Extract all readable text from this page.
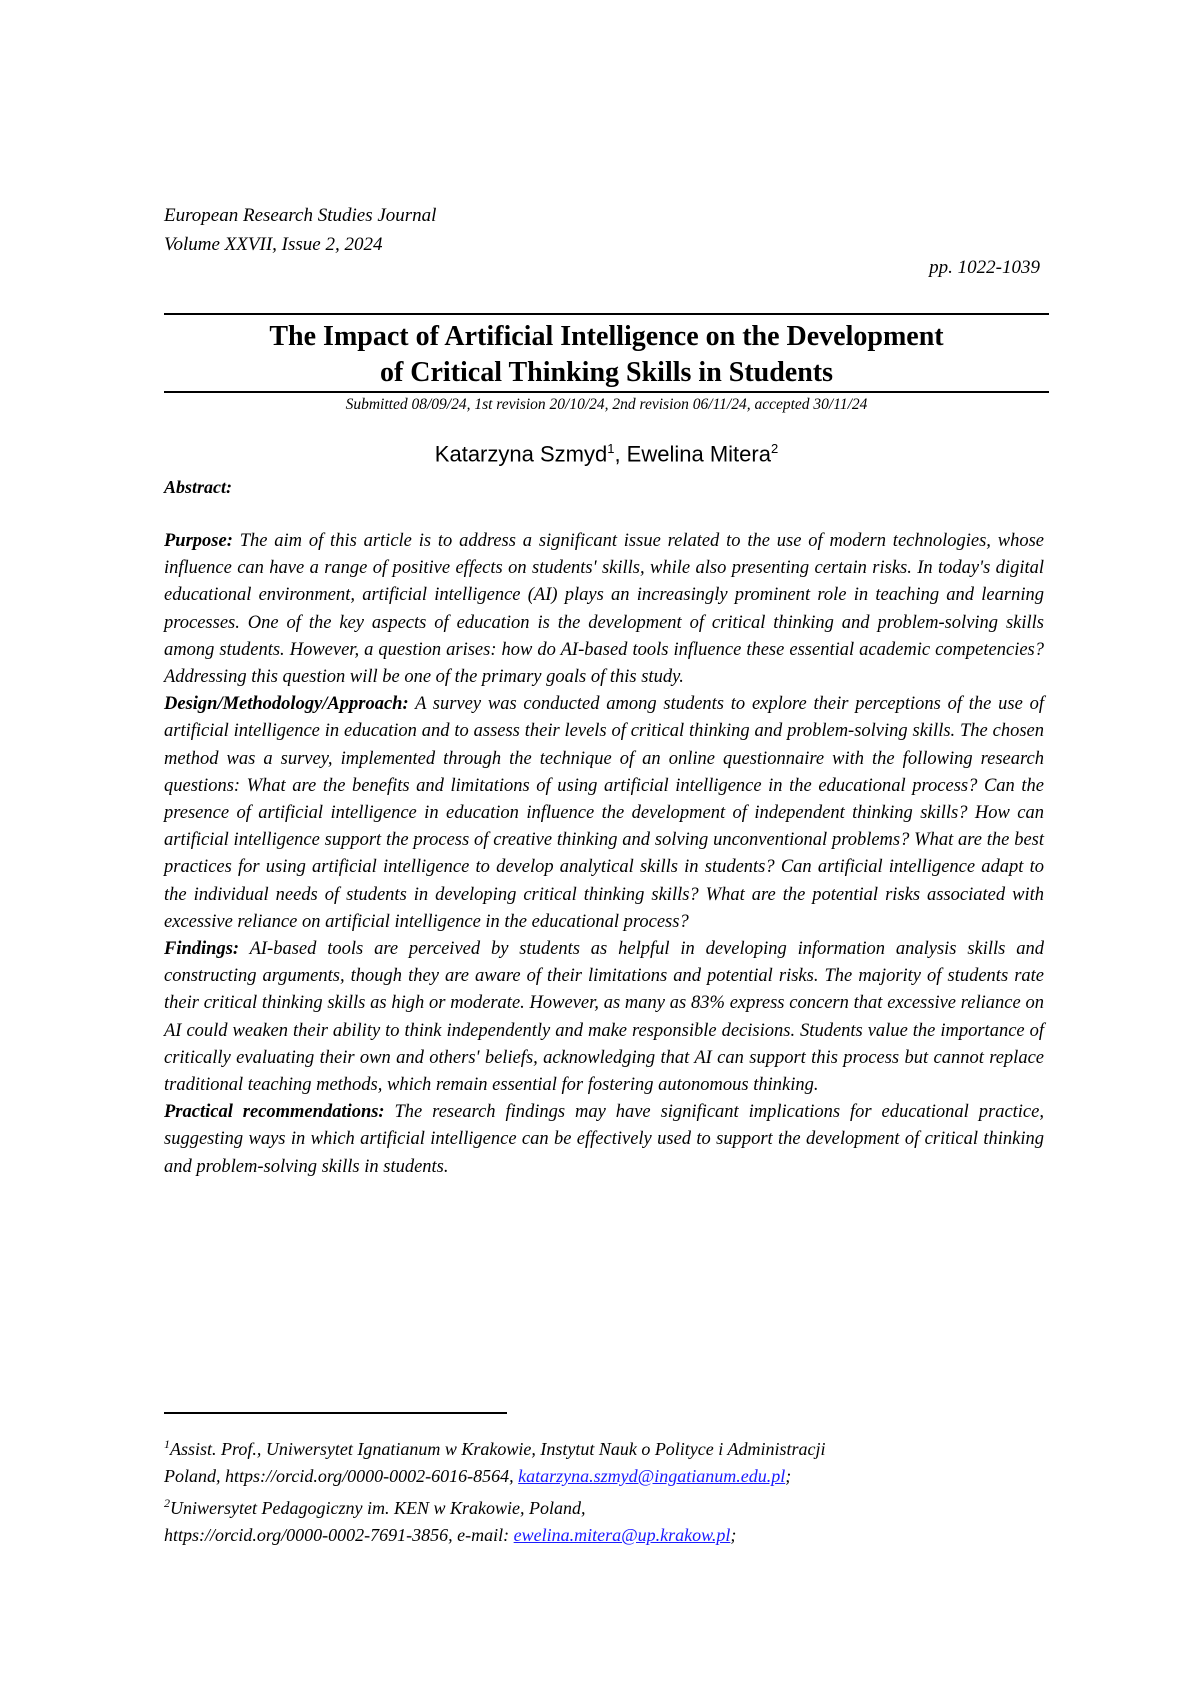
European Research Studies Journal
Volume XXVII, Issue 2, 2024
pp. 1022-1039
The Impact of Artificial Intelligence on the Development
of Critical Thinking Skills in Students
Submitted 08/09/24, 1st revision 20/10/24, 2nd revision 06/11/24, accepted 30/11/24
Katarzyna Szmyd$^1$, Ewelina Mitera$^2$
Abstract:

Purpose: The aim of this article is to address a significant issue related to the use of modern technologies, whose influence can have a range of positive effects on students' skills, while also presenting certain risks. In today's digital educational environment, artificial intelligence (AI) plays an increasingly prominent role in teaching and learning processes. One of the key aspects of education is the development of critical thinking and problem-solving skills among students. However, a question arises: how do AI-based tools influence these essential academic competencies? Addressing this question will be one of the primary goals of this study.

Design/Methodology/Approach: A survey was conducted among students to explore their perceptions of the use of artificial intelligence in education and to assess their levels of critical thinking and problem-solving skills. The chosen method was a survey, implemented through the technique of an online questionnaire with the following research questions: What are the benefits and limitations of using artificial intelligence in the educational process? Can the presence of artificial intelligence in education influence the development of independent thinking skills? How can artificial intelligence support the process of creative thinking and solving unconventional problems? What are the best practices for using artificial intelligence to develop analytical skills in students? Can artificial intelligence adapt to the individual needs of students in developing critical thinking skills? What are the potential risks associated with excessive reliance on artificial intelligence in the educational process?

Findings: AI-based tools are perceived by students as helpful in developing information analysis skills and constructing arguments, though they are aware of their limitations and potential risks. The majority of students rate their critical thinking skills as high or moderate. However, as many as 83% express concern that excessive reliance on AI could weaken their ability to think independently and make responsible decisions. Students value the importance of critically evaluating their own and others' beliefs, acknowledging that AI can support this process but cannot replace traditional teaching methods, which remain essential for fostering autonomous thinking.

Practical recommendations: The research findings may have significant implications for educational practice, suggesting ways in which artificial intelligence can be effectively used to support the development of critical thinking and problem-solving skills in students.

$^1$Assist. Prof., Uniwersytet Ignatianum w Krakowie, Instytut Nauk o Polityce i Administracji

Poland, https://orcid.org/0000-0002-6016-8564, katarzyna.szmyd@ingatianum.edu.pl;

$^2$Uniwersytet Pedagogiczny im. KEN w Krakowie, Poland,

https://orcid.org/0000-0002-7691-3856, e-mail: ewelina.mitera@up.krakow.pl;
